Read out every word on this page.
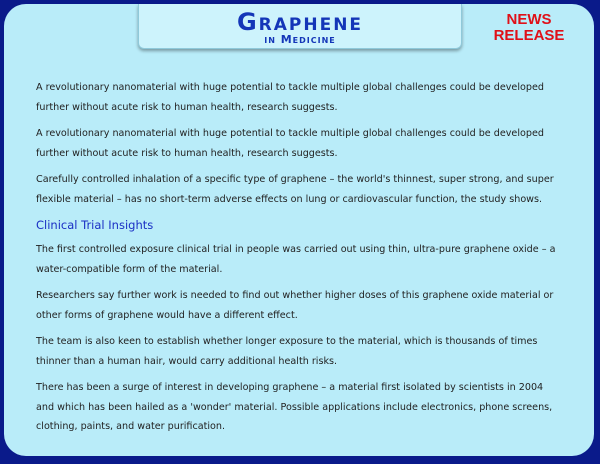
Graphene
in Medicine
NEWS
RELEASE

A revolutionary nanomaterial with huge potential to tackle multiple global challenges could be developed further without acute risk to human health, research suggests.

A revolutionary nanomaterial with huge potential to tackle multiple global challenges could be developed further without acute risk to human health, research suggests.

Carefully controlled inhalation of a specific type of graphene – the world's thinnest, super strong, and super flexible material – has no short-term adverse effects on lung or cardiovascular function, the study shows.

Clinical Trial Insights

The first controlled exposure clinical trial in people was carried out using thin, ultra-pure graphene oxide – a water-compatible form of the material.

Researchers say further work is needed to find out whether higher doses of this graphene oxide material or other forms of graphene would have a different effect.

The team is also keen to establish whether longer exposure to the material, which is thousands of times thinner than a human hair, would carry additional health risks.

There has been a surge of interest in developing graphene – a material first isolated by scientists in 2004 and which has been hailed as a 'wonder' material. Possible applications include electronics, phone screens, clothing, paints, and water purification.
